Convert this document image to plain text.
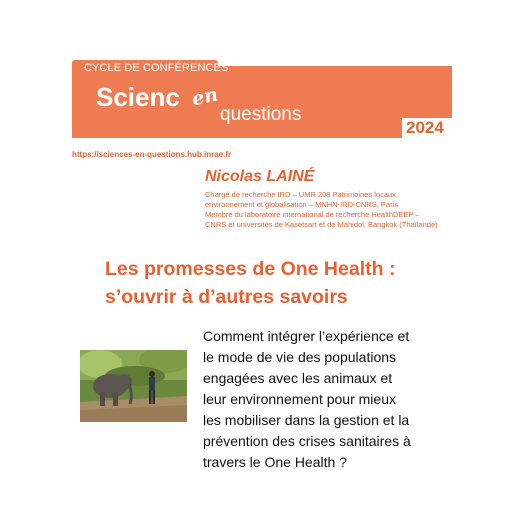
CYCLE DE CONFÉRENCES
Scienc en
questions
2024
https://sciences-en-questions.hub.inrae.fr
Nicolas LAINÉ
Chargé de recherche IRD – UMR 208 Patrimoines locaux,
environnement et globalisation – MNHN-IRD-CNRS, Paris
Membre du laboratoire international de recherche HealthDEEP –
CNRS et universités de Kasetsart et de Mahidol, Bangkok (Thaïlande)
Les promesses de One Health :
s’ouvrir à d’autres savoirs
Comment intégrer l’expérience et
le mode de vie des populations
engagées avec les animaux et
leur environnement pour mieux
les mobiliser dans la gestion et la
prévention des crises sanitaires à
travers le One Health ?
